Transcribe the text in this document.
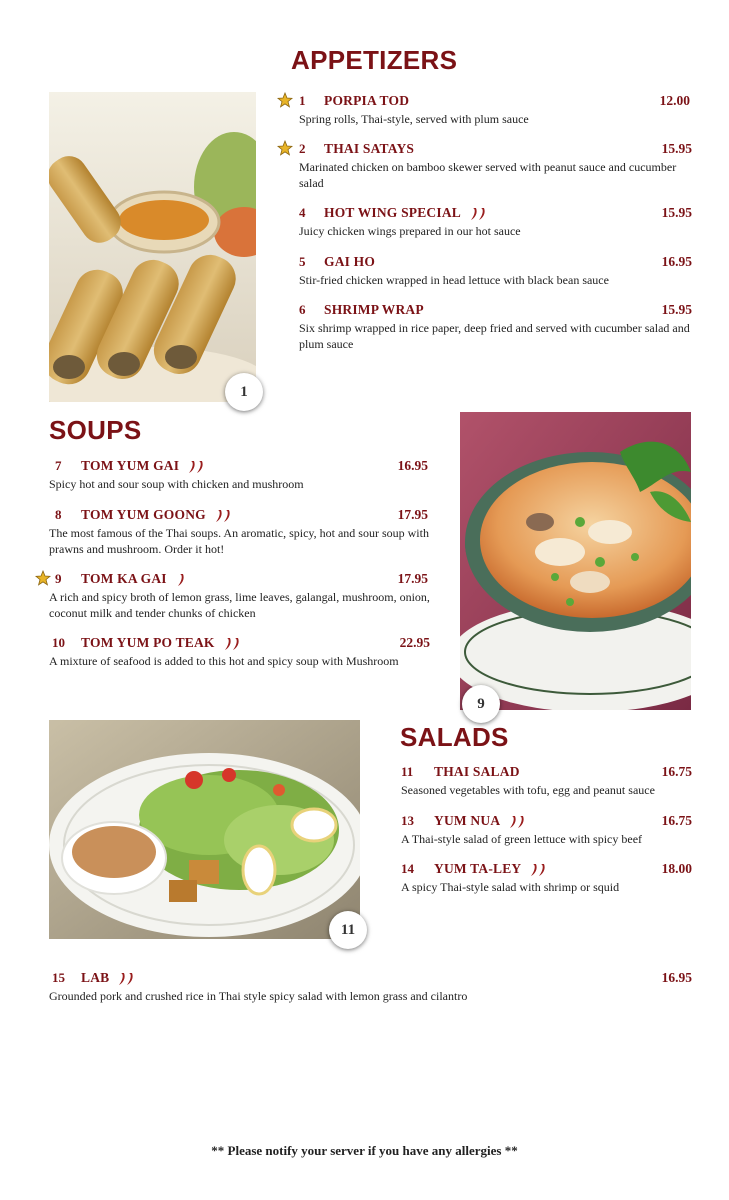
APPETIZERS
1
1 PORPIA TOD	12.00
Spring rolls, Thai-style, served with plum sauce
2 THAI SATAYS	15.95
Marinated chicken on bamboo skewer served with peanut sauce and cucumber salad
4 HOT WING SPECIAL	15.95
Juicy chicken wings prepared in our hot sauce
5 GAI HO	16.95
Stir-fried chicken wrapped in head lettuce with black bean sauce
6 SHRIMP WRAP	15.95
Six shrimp wrapped in rice paper, deep fried and served with cucumber salad and plum sauce
SOUPS
9
7 TOM YUM GAI	16.95
Spicy hot and sour soup with chicken and mushroom
8 TOM YUM GOONG	17.95
The most famous of the Thai soups. An aromatic, spicy, hot and sour soup with prawns and mushroom. Order it hot!
9 TOM KA GAI	17.95
A rich and spicy broth of lemon grass, lime leaves, galangal, mushroom, onion, coconut milk and tender chunks of chicken
10 TOM YUM PO TEAK	22.95
A mixture of seafood is added to this hot and spicy soup with Mushroom
11
SALADS
11 THAI SALAD	16.75
Seasoned vegetables with tofu, egg and peanut sauce
13 YUM NUA	16.75
A Thai-style salad of green lettuce with spicy beef
14 YUM TA-LEY	18.00
A spicy Thai-style salad with shrimp or squid
15 LAB	16.95
Grounded pork and crushed rice in Thai style spicy salad with lemon grass and cilantro
** Please notify your server if you have any allergies **
